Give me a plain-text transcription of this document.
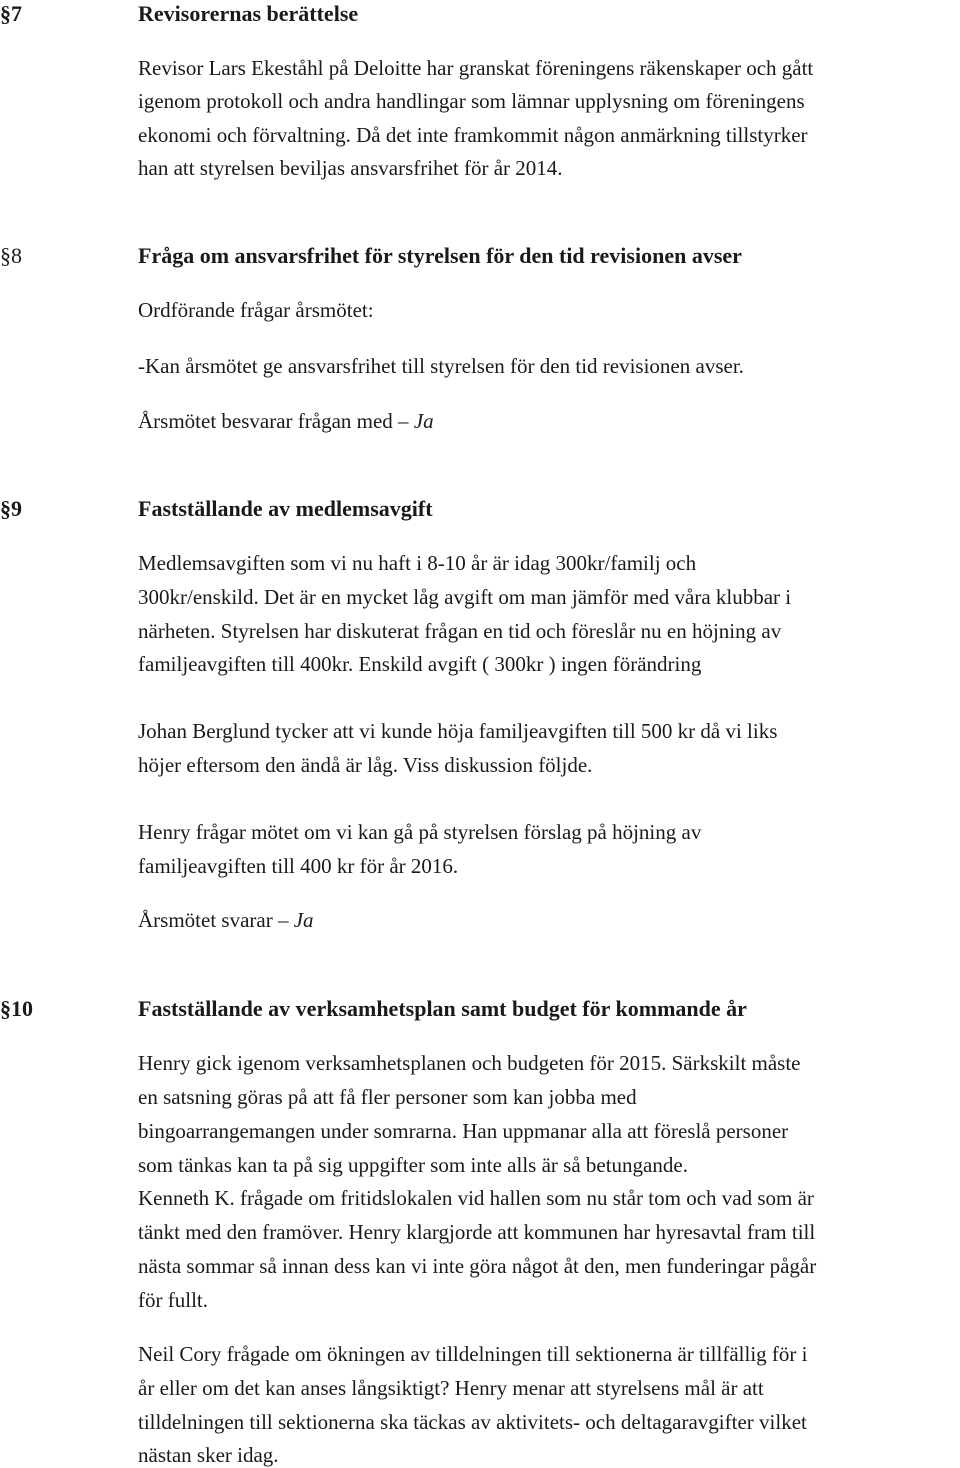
§7	Revisorernas berättelse

Revisor Lars Ekeståhl på Deloitte har granskat föreningens räkenskaper och gått

igenom protokoll och andra handlingar som lämnar upplysning om föreningens

ekonomi och förvaltning. Då det inte framkommit någon anmärkning tillstyrker

han att styrelsen beviljas ansvarsfrihet för år 2014.

§8	Fråga om ansvarsfrihet för styrelsen för den tid revisionen avser

Ordförande frågar årsmötet:

-Kan årsmötet ge ansvarsfrihet till styrelsen för den tid revisionen avser.

Årsmötet besvarar frågan med – Ja

§9	Fastställande av medlemsavgift

Medlemsavgiften som vi nu haft i 8-10 år är idag 300kr/familj och

300kr/enskild. Det är en mycket låg avgift om man jämför med våra klubbar i

närheten. Styrelsen har diskuterat frågan en tid och föreslår nu en höjning av

familjeavgiften till 400kr. Enskild avgift ( 300kr ) ingen förändring

Johan Berglund tycker att vi kunde höja familjeavgiften till 500 kr då vi liks

höjer eftersom den ändå är låg. Viss diskussion följde.

Henry frågar mötet om vi kan gå på styrelsen förslag på höjning av

familjeavgiften till 400 kr för år 2016.

Årsmötet svarar – Ja

§10	Fastställande av verksamhetsplan samt budget för kommande år

Henry gick igenom verksamhetsplanen och budgeten för 2015. Särkskilt måste

en satsning göras på att få fler personer som kan jobba med

bingoarrangemangen under somrarna. Han uppmanar alla att föreslå personer

som tänkas kan ta på sig uppgifter som inte alls är så betungande.

Kenneth K. frågade om fritidslokalen vid hallen som nu står tom och vad som är

tänkt med den framöver. Henry klargjorde att kommunen har hyresavtal fram till

nästa sommar så innan dess kan vi inte göra något åt den, men funderingar pågår

för fullt.

Neil Cory frågade om ökningen av tilldelningen till sektionerna är tillfällig för i

år eller om det kan anses långsiktigt? Henry menar att styrelsens mål är att

tilldelningen till sektionerna ska täckas av aktivitets- och deltagaravgifter vilket

nästan sker idag.
